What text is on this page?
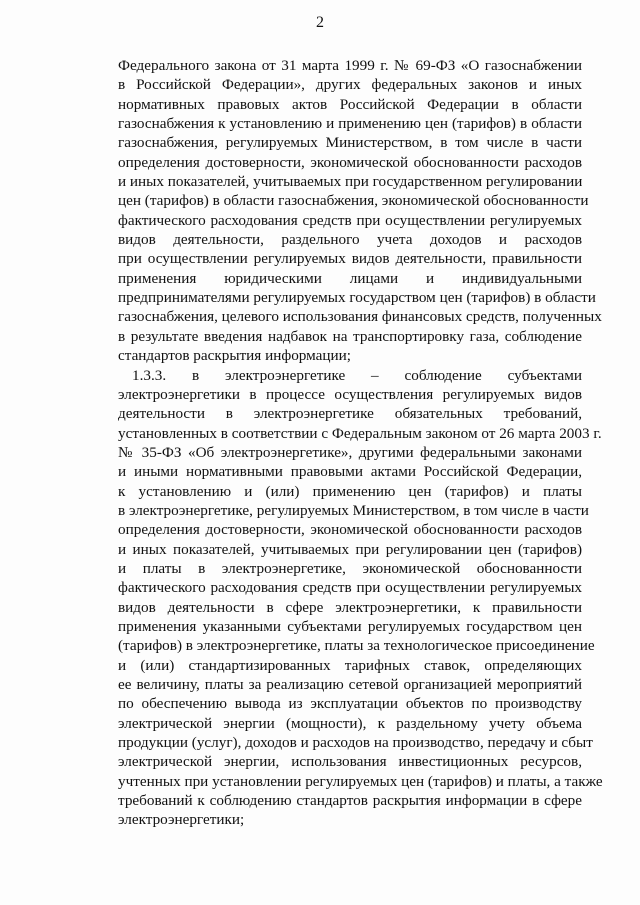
2
Федерального закона от 31 марта 1999 г. № 69-ФЗ «О газоснабжении
в Российской Федерации», других федеральных законов и иных
нормативных правовых актов Российской Федерации в области
газоснабжения к установлению и применению цен (тарифов) в области
газоснабжения, регулируемых Министерством, в том числе в части
определения достоверности, экономической обоснованности расходов
и иных показателей, учитываемых при государственном регулировании
цен (тарифов) в области газоснабжения, экономической обоснованности
фактического расходования средств при осуществлении регулируемых
видов деятельности, раздельного учета доходов и расходов
при осуществлении регулируемых видов деятельности, правильности
применения юридическими лицами и индивидуальными
предпринимателями регулируемых государством цен (тарифов) в области
газоснабжения, целевого использования финансовых средств, полученных
в результате введения надбавок на транспортировку газа, соблюдение
стандартов раскрытия информации;
1.3.3. в электроэнергетике – соблюдение субъектами
электроэнергетики в процессе осуществления регулируемых видов
деятельности в электроэнергетике обязательных требований,
установленных в соответствии с Федеральным законом от 26 марта 2003 г.
№ 35-ФЗ «Об электроэнергетике», другими федеральными законами
и иными нормативными правовыми актами Российской Федерации,
к установлению и (или) применению цен (тарифов) и платы
в электроэнергетике, регулируемых Министерством, в том числе в части
определения достоверности, экономической обоснованности расходов
и иных показателей, учитываемых при регулировании цен (тарифов)
и платы в электроэнергетике, экономической обоснованности
фактического расходования средств при осуществлении регулируемых
видов деятельности в сфере электроэнергетики, к правильности
применения указанными субъектами регулируемых государством цен
(тарифов) в электроэнергетике, платы за технологическое присоединение
и (или) стандартизированных тарифных ставок, определяющих
ее величину, платы за реализацию сетевой организацией мероприятий
по обеспечению вывода из эксплуатации объектов по производству
электрической энергии (мощности), к раздельному учету объема
продукции (услуг), доходов и расходов на производство, передачу и сбыт
электрической энергии, использования инвестиционных ресурсов,
учтенных при установлении регулируемых цен (тарифов) и платы, а также
требований к соблюдению стандартов раскрытия информации в сфере
электроэнергетики;
